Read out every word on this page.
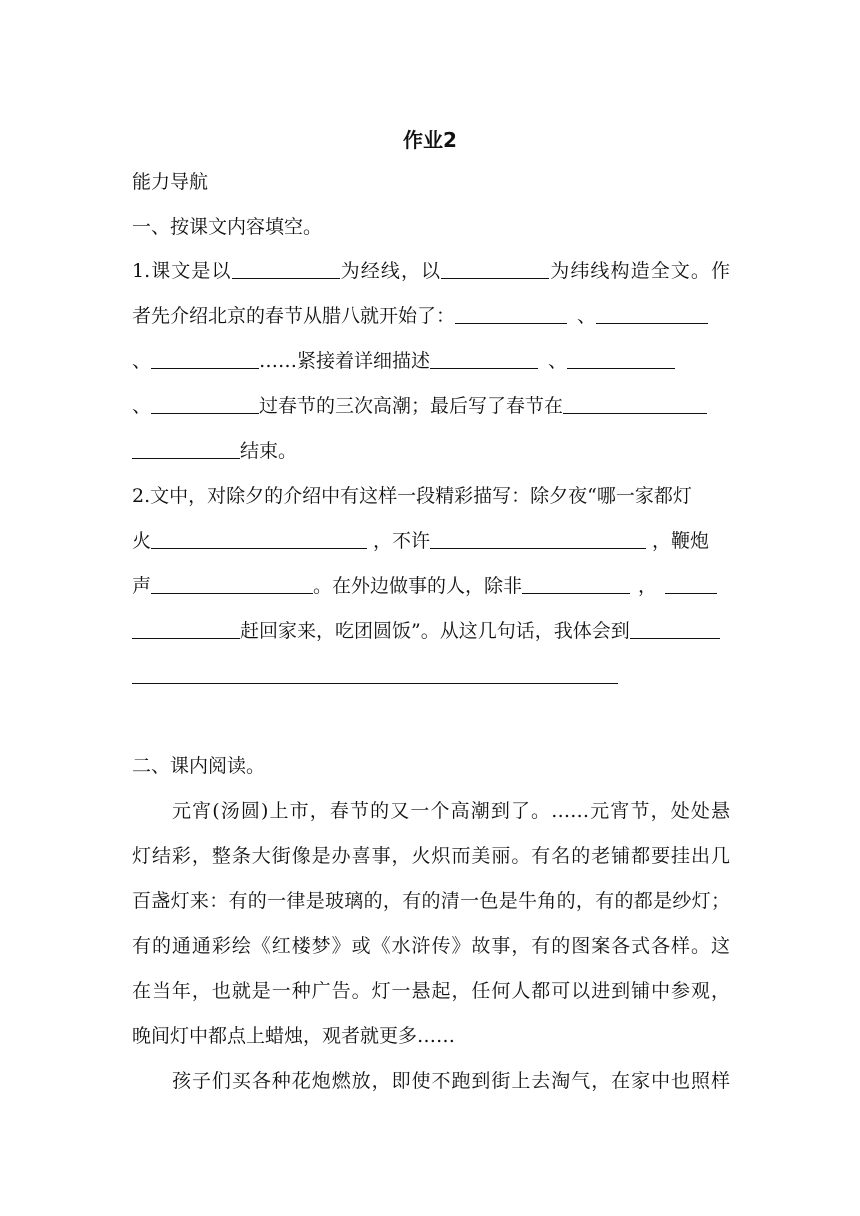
作业2
能力导航
一、按课文内容填空。
1.课文是以	为经线，以	为纬线构造全文。作
者先介绍北京的春节从腊八就开始了：	、
、	……紧接着详细描述	、
、	过春节的三次高潮；最后写了春节在
结束。
2.文中，对除夕的介绍中有这样一段精彩描写：除夕夜“哪一家都灯
火	，不许	，鞭炮
声	。在外边做事的人，除非	，
赶回家来，吃团圆饭”。从这几句话，我体会到
二、课内阅读。
元宵(汤圆)上市，春节的又一个高潮到了。……元宵节，处处悬
灯结彩，整条大街像是办喜事，火炽而美丽。有名的老铺都要挂出几
百盏灯来：有的一律是玻璃的，有的清一色是牛角的，有的都是纱灯；
有的通通彩绘《红楼梦》或《水浒传》故事，有的图案各式各样。这
在当年，也就是一种广告。灯一悬起，任何人都可以进到铺中参观，
晚间灯中都点上蜡烛，观者就更多……
孩子们买各种花炮燃放，即使不跑到街上去淘气，在家中也照样
